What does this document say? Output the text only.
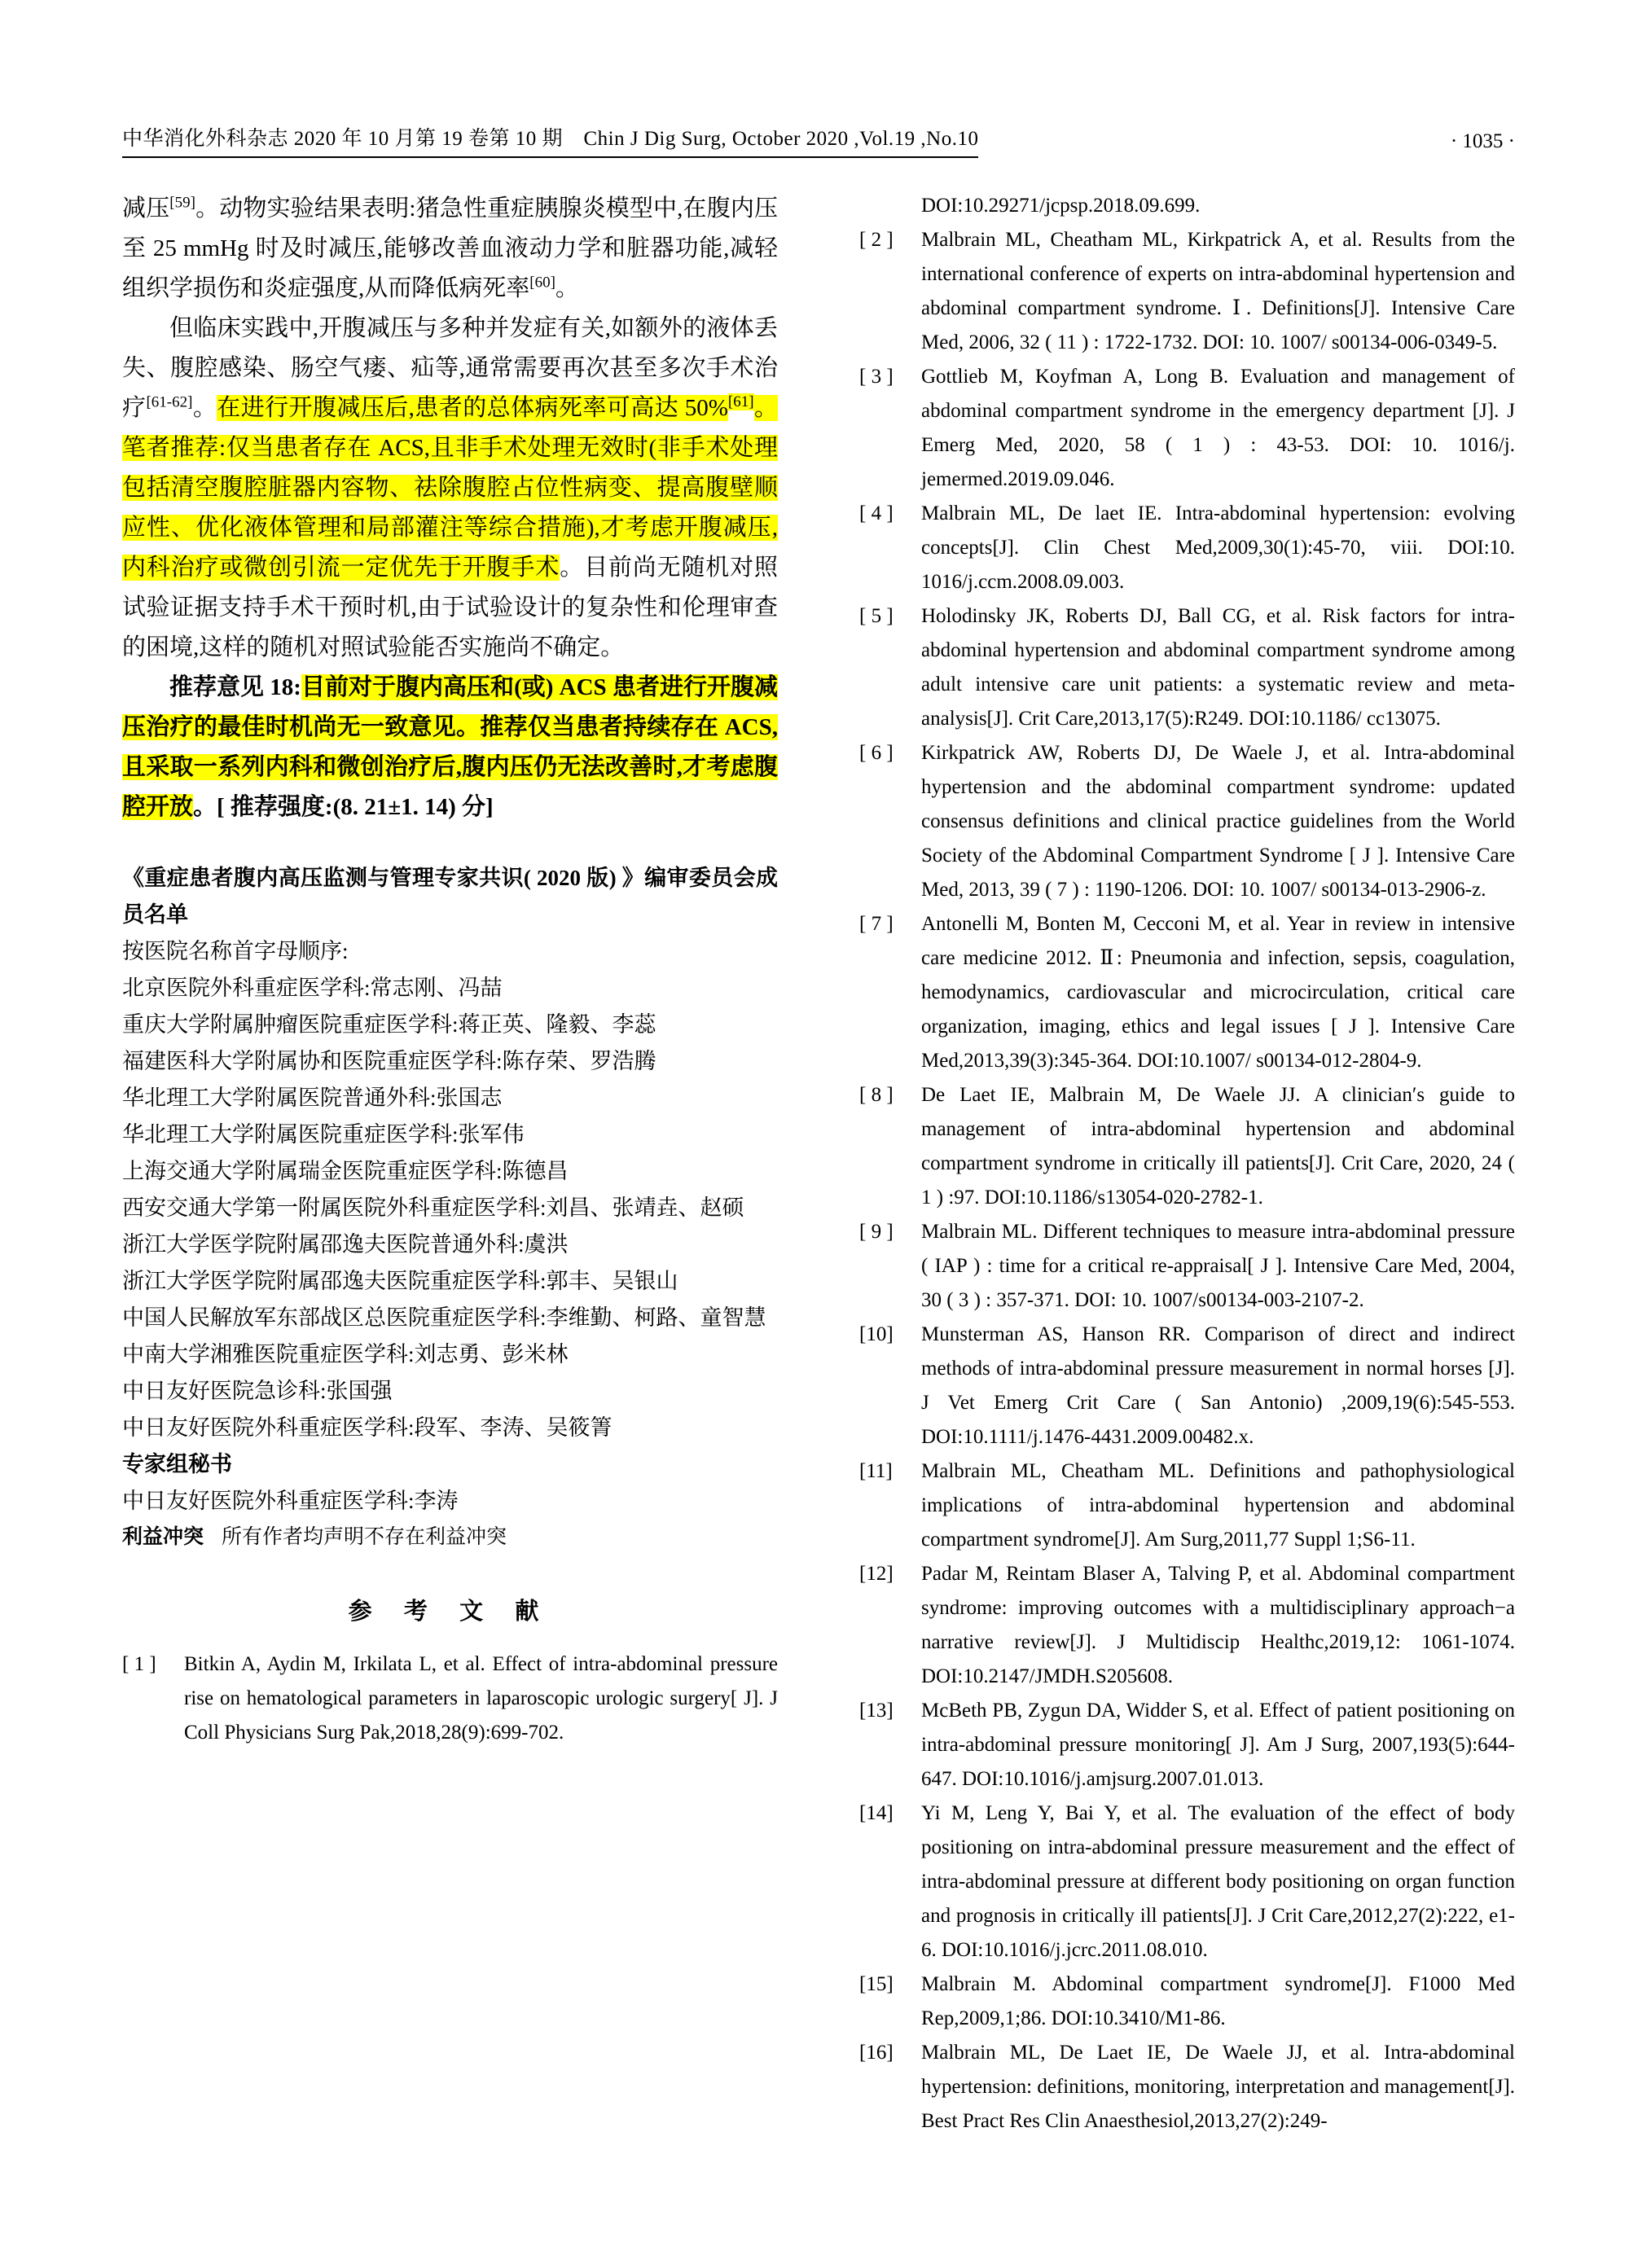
中华消化外科杂志 2020 年 10 月第 19 卷第 10 期　Chin J Dig Surg, October 2020 ,Vol.19 ,No.10	· 1035 ·

减压[59]。动物实验结果表明:猪急性重症胰腺炎模型中,在腹内压至 25 mmHg 时及时减压,能够改善血液动力学和脏器功能,减轻组织学损伤和炎症强度,从而降低病死率[60]。

但临床实践中,开腹减压与多种并发症有关,如额外的液体丢失、腹腔感染、肠空气瘘、疝等,通常需要再次甚至多次手术治疗[61-62]。在进行开腹减压后,患者的总体病死率可高达 50%[61]。笔者推荐:仅当患者存在 ACS,且非手术处理无效时(非手术处理包括清空腹腔脏器内容物、祛除腹腔占位性病变、提高腹壁顺应性、优化液体管理和局部灌注等综合措施),才考虑开腹减压,内科治疗或微创引流一定优先于开腹手术。目前尚无随机对照试验证据支持手术干预时机,由于试验设计的复杂性和伦理审查的困境,这样的随机对照试验能否实施尚不确定。

推荐意见 18:目前对于腹内高压和(或) ACS 患者进行开腹减压治疗的最佳时机尚无一致意见。推荐仅当患者持续存在 ACS,且采取一系列内科和微创治疗后,腹内压仍无法改善时,才考虑腹腔开放。[ 推荐强度:(8. 21±1. 14) 分]

《重症患者腹内高压监测与管理专家共识( 2020 版) 》编审委员会成员名单

按医院名称首字母顺序:

北京医院外科重症医学科:常志刚、冯喆

重庆大学附属肿瘤医院重症医学科:蒋正英、隆毅、李蕊

福建医科大学附属协和医院重症医学科:陈存荣、罗浩腾

华北理工大学附属医院普通外科:张国志

华北理工大学附属医院重症医学科:张军伟

上海交通大学附属瑞金医院重症医学科:陈德昌

西安交通大学第一附属医院外科重症医学科:刘昌、张靖垚、赵硕

浙江大学医学院附属邵逸夫医院普通外科:虞洪

浙江大学医学院附属邵逸夫医院重症医学科:郭丰、吴银山

中国人民解放军东部战区总医院重症医学科:李维勤、柯路、童智慧

中南大学湘雅医院重症医学科:刘志勇、彭米林

中日友好医院急诊科:张国强

中日友好医院外科重症医学科:段军、李涛、吴筱箐

专家组秘书

中日友好医院外科重症医学科:李涛

利益冲突 所有作者均声明不存在利益冲突

参 考 文 献
[ 1 ]	Bitkin A, Aydin M, Irkilata L, et al. Effect of intra-abdominal pressure rise on hematological parameters in laparoscopic urologic surgery[ J]. J Coll Physicians Surg Pak,2018,28(9):699-702.

DOI:10.29271/jcpsp.2018.09.699.

[ 2 ]	Malbrain ML, Cheatham ML, Kirkpatrick A, et al. Results from the international conference of experts on intra-abdominal hypertension and abdominal compartment syndrome. Ⅰ. Definitions[J]. Intensive Care Med, 2006, 32 ( 11 ) : 1722-1732. DOI: 10. 1007/ s00134-006-0349-5.
[ 3 ]	Gottlieb M, Koyfman A, Long B. Evaluation and management of abdominal compartment syndrome in the emergency department [J]. J Emerg Med, 2020, 58 ( 1 ) : 43-53. DOI: 10. 1016/j. jemermed.2019.09.046.
[ 4 ]	Malbrain ML, De laet IE. Intra-abdominal hypertension: evolving concepts[J]. Clin Chest Med,2009,30(1):45-70, viii. DOI:10. 1016/j.ccm.2008.09.003.
[ 5 ]	Holodinsky JK, Roberts DJ, Ball CG, et al. Risk factors for intra-abdominal hypertension and abdominal compartment syndrome among adult intensive care unit patients: a systematic review and meta-analysis[J]. Crit Care,2013,17(5):R249. DOI:10.1186/ cc13075.
[ 6 ]	Kirkpatrick AW, Roberts DJ, De Waele J, et al. Intra-abdominal hypertension and the abdominal compartment syndrome: updated consensus definitions and clinical practice guidelines from the World Society of the Abdominal Compartment Syndrome [ J ]. Intensive Care Med, 2013, 39 ( 7 ) : 1190-1206. DOI: 10. 1007/ s00134-013-2906-z.
[ 7 ]	Antonelli M, Bonten M, Cecconi M, et al. Year in review in intensive care medicine 2012. Ⅱ: Pneumonia and infection, sepsis, coagulation, hemodynamics, cardiovascular and microcirculation, critical care organization, imaging, ethics and legal issues [ J ]. Intensive Care Med,2013,39(3):345-364. DOI:10.1007/ s00134-012-2804-9.
[ 8 ]	De Laet IE, Malbrain M, De Waele JJ. A clinician′s guide to management of intra-abdominal hypertension and abdominal compartment syndrome in critically ill patients[J]. Crit Care, 2020, 24 ( 1 ) :97. DOI:10.1186/s13054-020-2782-1.
[ 9 ]	Malbrain ML. Different techniques to measure intra-abdominal pressure ( IAP ) : time for a critical re-appraisal[ J ]. Intensive Care Med, 2004, 30 ( 3 ) : 357-371. DOI: 10. 1007/s00134-003-2107-2.
[10]	Munsterman AS, Hanson RR. Comparison of direct and indirect methods of intra-abdominal pressure measurement in normal horses [J]. J Vet Emerg Crit Care ( San Antonio) ,2009,19(6):545-553. DOI:10.1111/j.1476-4431.2009.00482.x.
[11]	Malbrain ML, Cheatham ML. Definitions and pathophysiological implications of intra-abdominal hypertension and abdominal compartment syndrome[J]. Am Surg,2011,77 Suppl 1;S6-11.
[12]	Padar M, Reintam Blaser A, Talving P, et al. Abdominal compartment syndrome: improving outcomes with a multidisciplinary approach−a narrative review[J]. J Multidiscip Healthc,2019,12: 1061-1074. DOI:10.2147/JMDH.S205608.
[13]	McBeth PB, Zygun DA, Widder S, et al. Effect of patient positioning on intra-abdominal pressure monitoring[ J]. Am J Surg, 2007,193(5):644-647. DOI:10.1016/j.amjsurg.2007.01.013.
[14]	Yi M, Leng Y, Bai Y, et al. The evaluation of the effect of body positioning on intra-abdominal pressure measurement and the effect of intra-abdominal pressure at different body positioning on organ function and prognosis in critically ill patients[J]. J Crit Care,2012,27(2):222, e1-6. DOI:10.1016/j.jcrc.2011.08.010.
[15]	Malbrain M. Abdominal compartment syndrome[J]. F1000 Med Rep,2009,1;86. DOI:10.3410/M1-86.
[16]	Malbrain ML, De Laet IE, De Waele JJ, et al. Intra-abdominal hypertension: definitions, monitoring, interpretation and management[J]. Best Pract Res Clin Anaesthesiol,2013,27(2):249-
